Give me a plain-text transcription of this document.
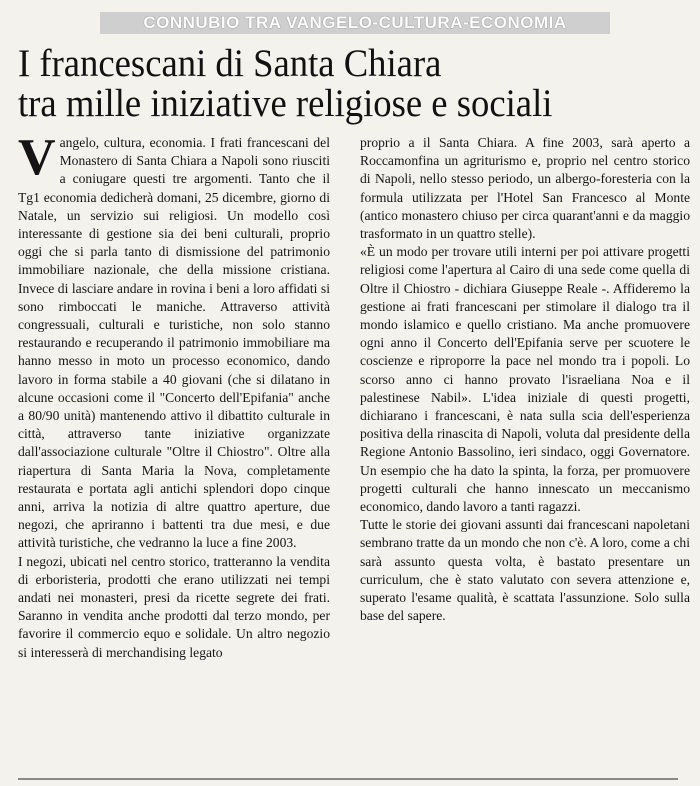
CONNUBIO TRA VANGELO-CULTURA-ECONOMIA
I francescani di Santa Chiara
tra mille iniziative religiose e sociali

Vangelo, cultura, economia. I frati francescani del Monastero di Santa Chiara a Napoli sono riusciti a coniugare questi tre argomenti. Tanto che il Tg1 economia dedicherà domani, 25 dicembre, giorno di Natale, un servizio sui religiosi. Un modello così interessante di gestione sia dei beni culturali, proprio oggi che si parla tanto di dismissione del patrimonio immobiliare nazionale, che della missione cristiana. Invece di lasciare andare in rovina i beni a loro affidati si sono rimboccati le maniche. Attraverso attività congressuali, culturali e turistiche, non solo stanno restaurando e recuperando il patrimonio immobiliare ma hanno messo in moto un processo economico, dando lavoro in forma stabile a 40 giovani (che si dilatano in alcune occasioni come il "Concerto dell'Epifania" anche a 80/90 unità) mantenendo attivo il dibattito culturale in città, attraverso tante iniziative organizzate dall'associazione culturale "Oltre il Chiostro". Oltre alla riapertura di Santa Maria la Nova, completamente restaurata e portata agli antichi splendori dopo cinque anni, arriva la notizia di altre quattro aperture, due negozi, che apriranno i battenti tra due mesi, e due attività turistiche, che vedranno la luce a fine 2003.

I negozi, ubicati nel centro storico, tratteranno la vendita di erboristeria, prodotti che erano utilizzati nei tempi andati nei monasteri, presi da ricette segrete dei frati. Saranno in vendita anche prodotti dal terzo mondo, per favorire il commercio equo e solidale. Un altro negozio si interesserà di merchandising legato

proprio a il Santa Chiara. A fine 2003, sarà aperto a Roccamonfina un agriturismo e, proprio nel centro storico di Napoli, nello stesso periodo, un albergo-foresteria con la formula utilizzata per l'Hotel San Francesco al Monte (antico monastero chiuso per circa quarant'anni e da maggio trasformato in un quattro stelle).

«È un modo per trovare utili interni per poi attivare progetti religiosi come l'apertura al Cairo di una sede come quella di Oltre il Chiostro - dichiara Giuseppe Reale -. Affideremo la gestione ai frati francescani per stimolare il dialogo tra il mondo islamico e quello cristiano. Ma anche promuovere ogni anno il Concerto dell'Epifania serve per scuotere le coscienze e riproporre la pace nel mondo tra i popoli. Lo scorso anno ci hanno provato l'israeliana Noa e il palestinese Nabil». L'idea iniziale di questi progetti, dichiarano i francescani, è nata sulla scia dell'esperienza positiva della rinascita di Napoli, voluta dal presidente della Regione Antonio Bassolino, ieri sindaco, oggi Governatore. Un esempio che ha dato la spinta, la forza, per promuovere progetti culturali che hanno innescato un meccanismo economico, dando lavoro a tanti ragazzi.

Tutte le storie dei giovani assunti dai francescani napoletani sembrano tratte da un mondo che non c'è. A loro, come a chi sarà assunto questa volta, è bastato presentare un curriculum, che è stato valutato con severa attenzione e, superato l'esame qualità, è scattata l'assunzione. Solo sulla base del sapere.
